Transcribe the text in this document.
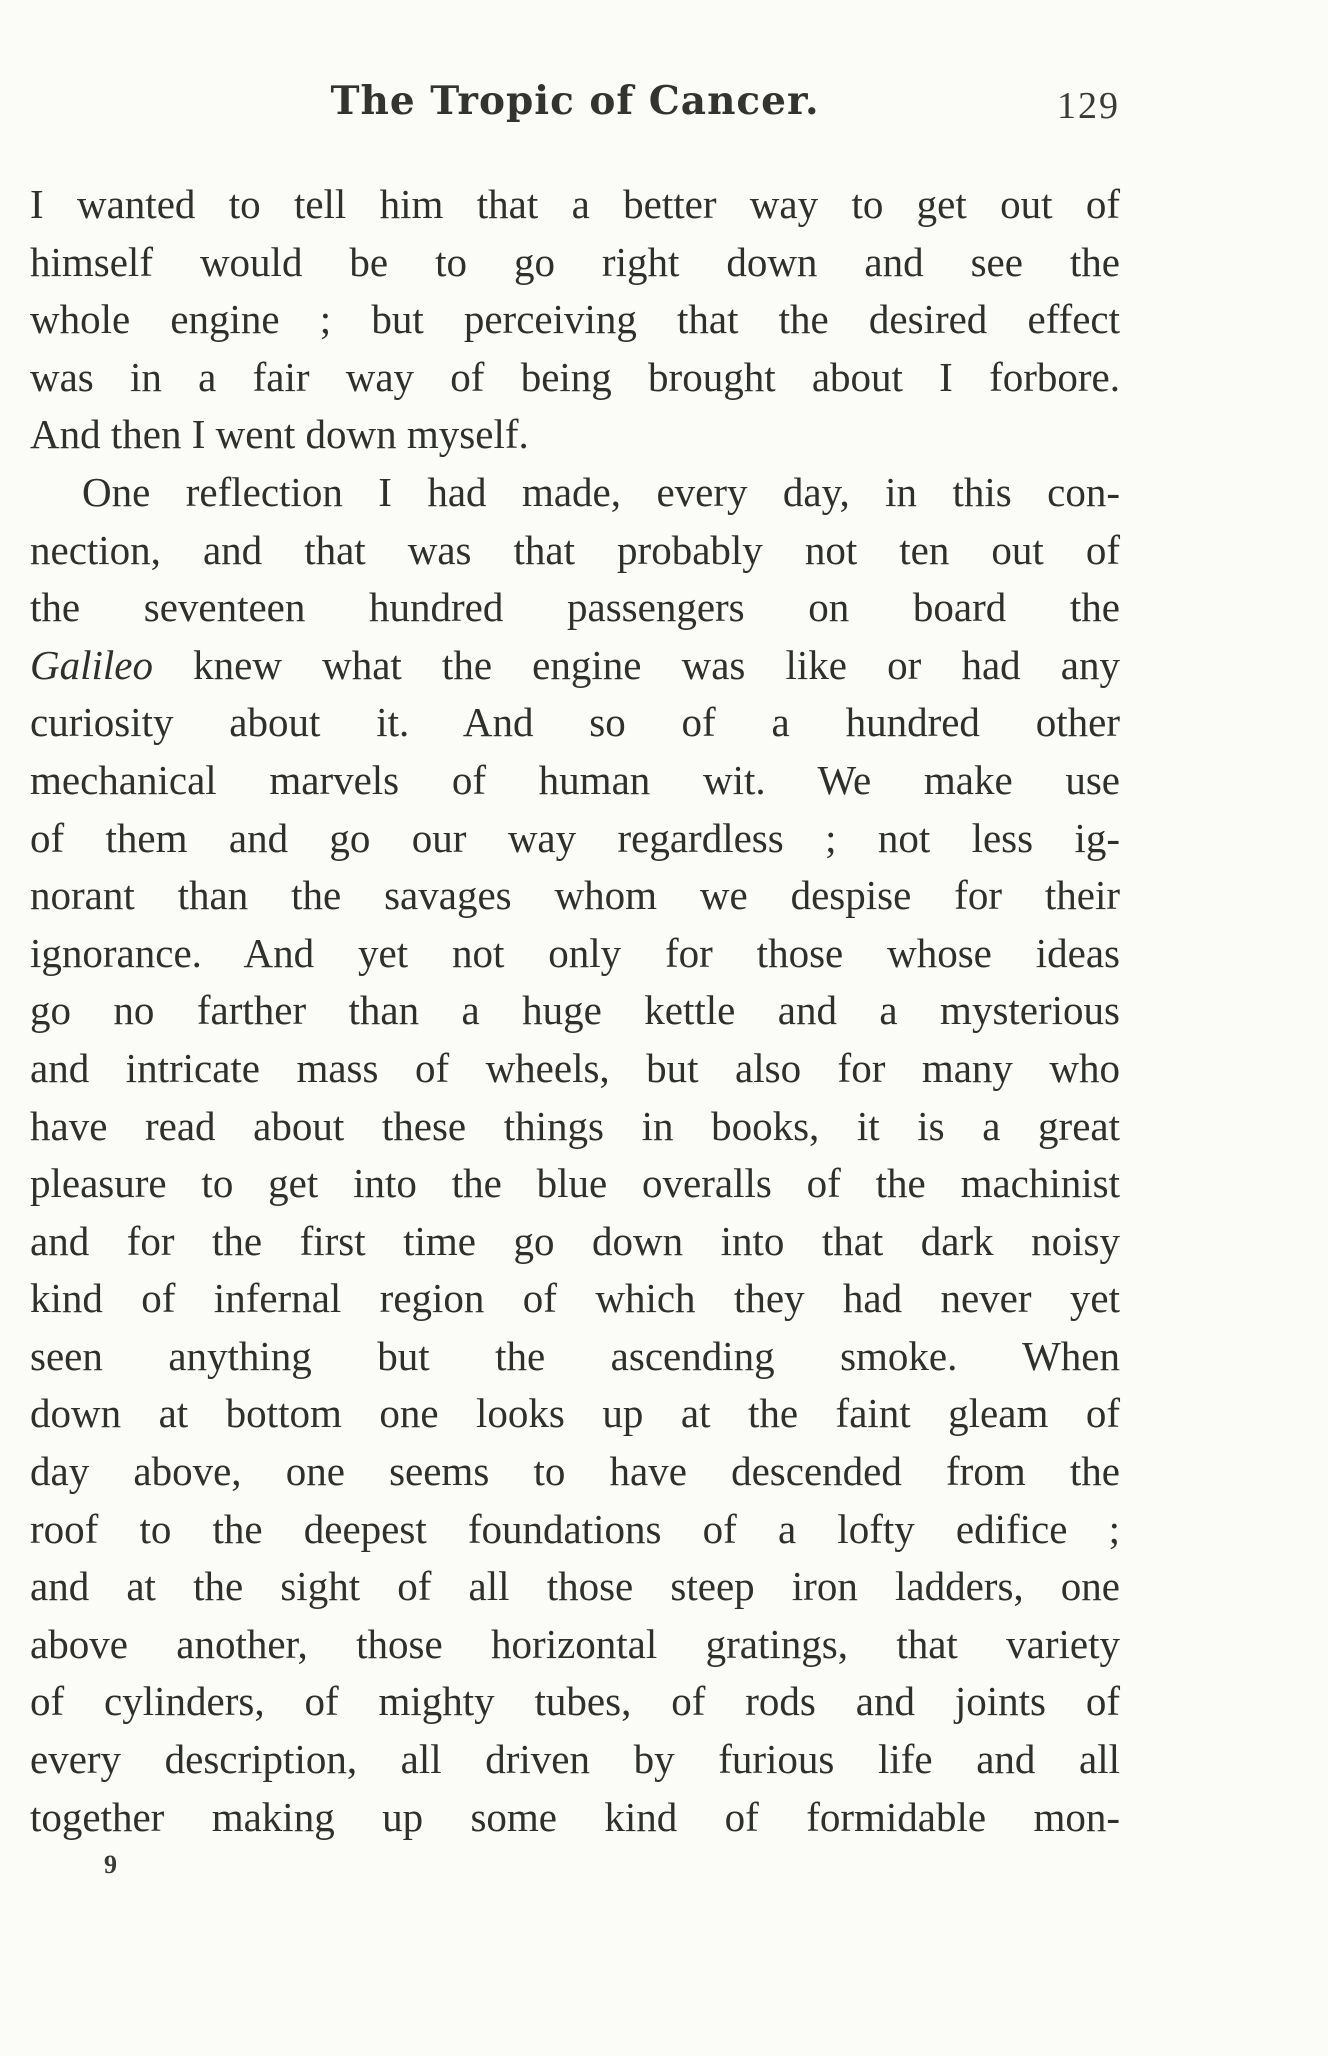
The Tropic of Cancer.	129
I wanted to tell him that a better way to get out of
himself would be to go right down and see the
whole engine ; but perceiving that the desired effect
was in a fair way of being brought about I forbore.
And then I went down myself.
One reflection I had made, every day, in this con-
nection, and that was that probably not ten out of
the seventeen hundred passengers on board the
Galileo knew what the engine was like or had any
curiosity about it. And so of a hundred other
mechanical marvels of human wit. We make use
of them and go our way regardless ; not less ig-
norant than the savages whom we despise for their
ignorance. And yet not only for those whose ideas
go no farther than a huge kettle and a mysterious
and intricate mass of wheels, but also for many who
have read about these things in books, it is a great
pleasure to get into the blue overalls of the machinist
and for the first time go down into that dark noisy
kind of infernal region of which they had never yet
seen anything but the ascending smoke. When
down at bottom one looks up at the faint gleam of
day above, one seems to have descended from the
roof to the deepest foundations of a lofty edifice ;
and at the sight of all those steep iron ladders, one
above another, those horizontal gratings, that variety
of cylinders, of mighty tubes, of rods and joints of
every description, all driven by furious life and all
together making up some kind of formidable mon-
9
